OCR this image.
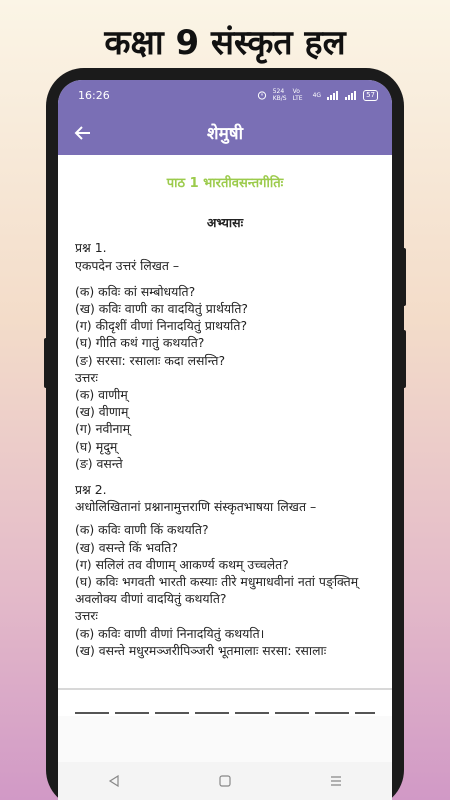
कक्षा 9 संस्कृत हल
16:26	524
KB/S
Vo LTE	4G	57
शेमुषी
पाठ 1 भारतीवसन्तगीतिः
अभ्यासः
प्रश्न 1.
एकपदेन उत्तरं लिखत –
(क) कविः कां सम्बोधयति?
(ख) कविः वाणी का वादयितुं प्रार्थयति?
(ग) कीदृशीं वीणां निनादयितुं प्राथयति?
(घ) गीति कथं गातुं कथयति?
(ङ) सरसा: रसालाः कदा लसन्ति?
उत्तरः
(क) वाणीम्
(ख) वीणाम्
(ग) नवीनाम्
(घ) मृदुम्
(ङ) वसन्ते
प्रश्न 2.
अधोलिखितानां प्रश्नानामुत्तराणि संस्कृतभाषया लिखत –
(क) कविः वाणी किं कथयति?
(ख) वसन्ते किं भवति?
(ग) सलिलं तव वीणाम् आकर्ण्य कथम् उच्चलेत?
(घ) कविः भगवती भारती कस्याः तीरे मधुमाधवीनां नतां पङ्क्तिम् अवलोक्य वीणां वादयितुं कथयति?
उत्तरः
(क) कविः वाणी वीणां निनादयितुं कथयति।
(ख) वसन्ते मधुरमञ्जरीपिञ्जरी भूतमालाः सरसा: रसालाः
